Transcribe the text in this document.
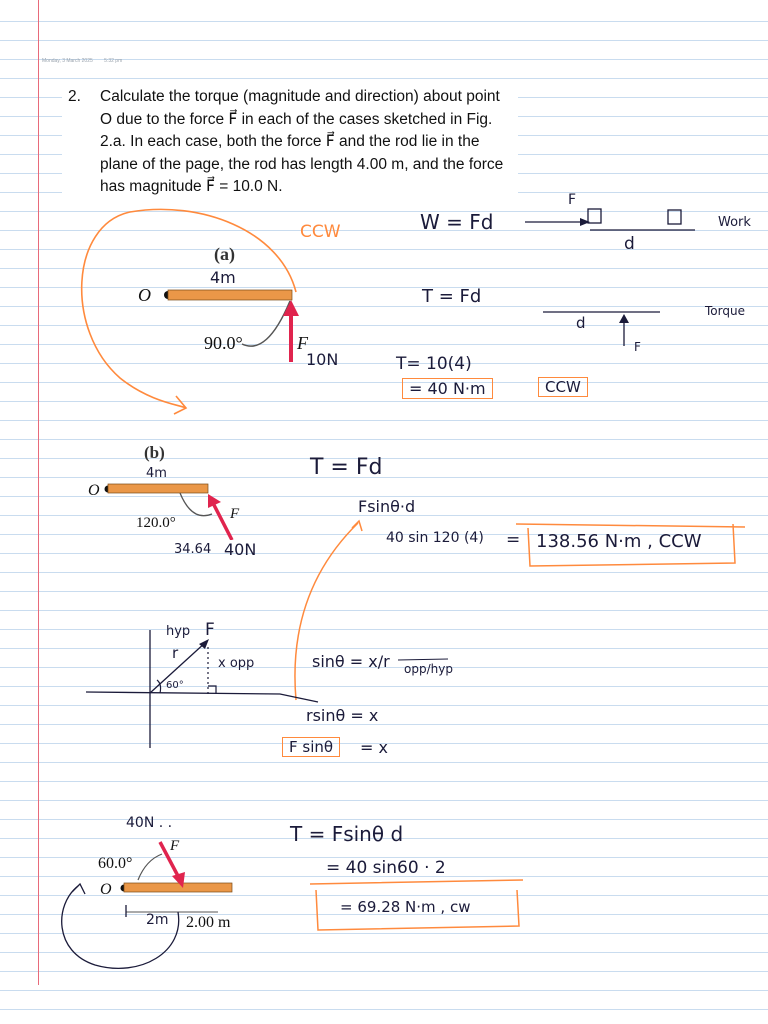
Monday, 3 March 2025 5:32 pm
2. Calculate the torque (magnitude and direction) about point O due to the force F⃗ in each of the cases sketched in Fig. 2.a. In each case, both the force F⃗ and the rod lie in the plane of the page, the rod has length 4.00 m, and the force has magnitude F⃗ = 10.0 N.
(a)
O
F
90.0°
(b)
O
F
120.0°
60.0°
F
O
2.00 m
CCW
4m
10N
W = Fd
F
d
Work
T = Fd
d
F
Torque
T= 10(4)
= 40 N·m	CCW
4m
34.64 40N
T = Fd
Fsinθ·d
40 sin 120 (4) = 138.56 N·m , CCW
hyp F
r
x opp
60°
sinθ = x/r opp/hyp
rsinθ = x
F sinθ	= x
40N . .
2m
T = Fsinθ d
= 40 sin60 · 2
= 69.28 N·m , cw
